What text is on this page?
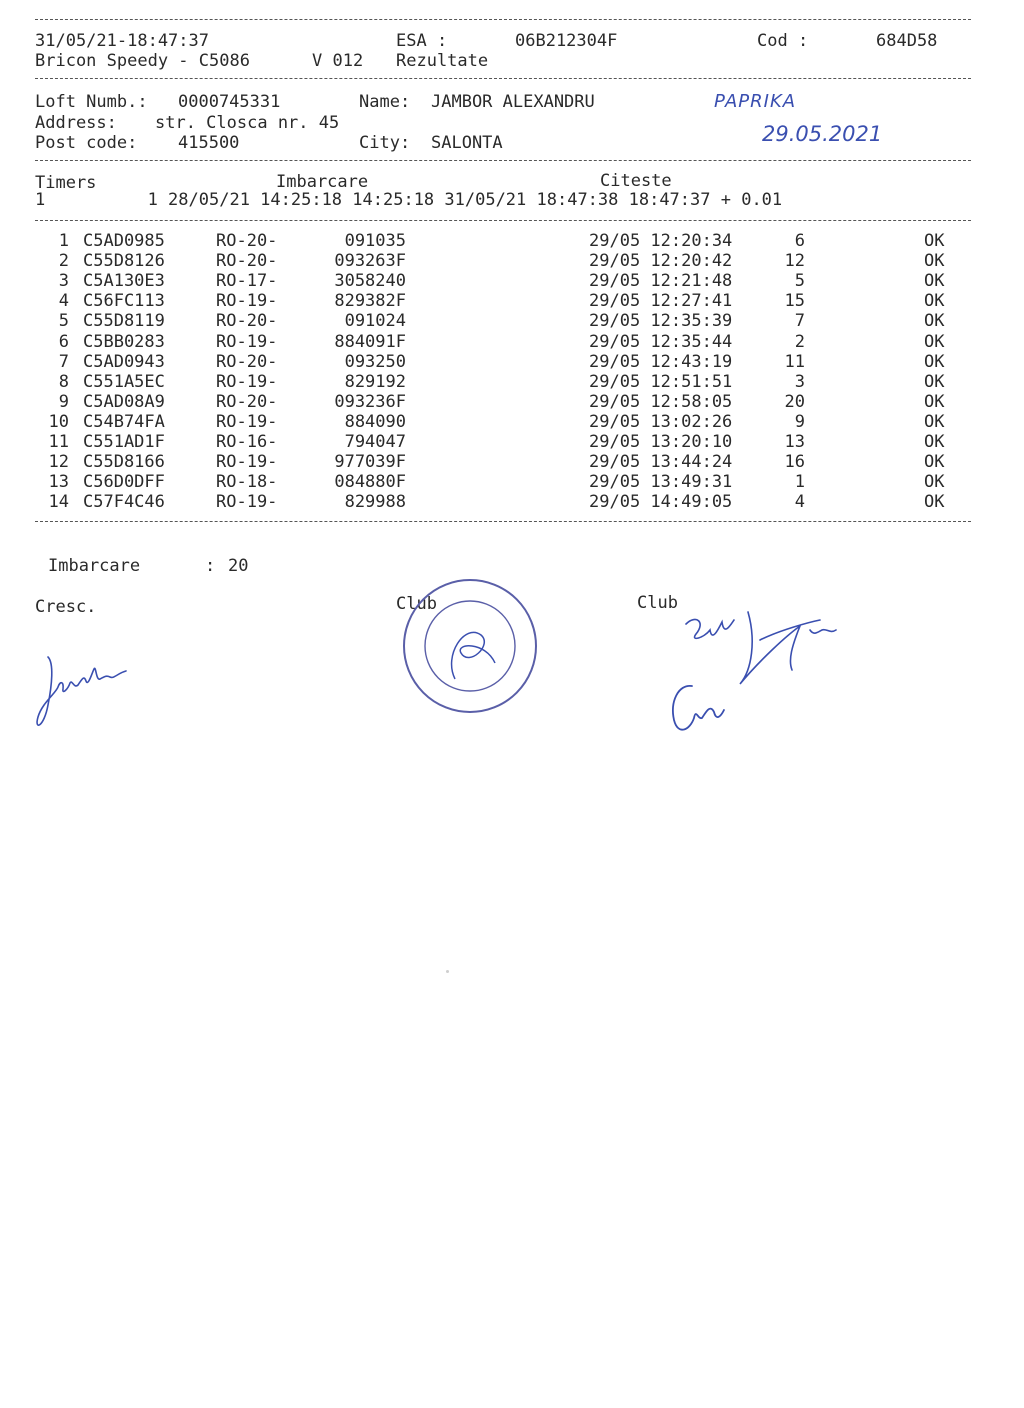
31/05/21-18:47:37	ESA :	06B212304F	Cod :	684D58
Bricon Speedy - C5086	V 012 Rezultate
Loft Numb.: 0000745331	Name: JAMBOR ALEXANDRU
Address: str. Closca nr. 45
Post code: 415500	City: SALONTA
PAPRIKA
29.05.2021
Timers	Imbarcare	Citeste
1          1 28/05/21 14:25:18 14:25:18 31/05/21 18:47:38 18:47:37 + 0.01
1 C5AD0985	RO-20-	091035	29/05 12:20:34	6	OK
2 C55D8126	RO-20-	093263F	29/05 12:20:42	12	OK
3 C5A130E3	RO-17-	3058240	29/05 12:21:48	5	OK
4 C56FC113	RO-19-	829382F	29/05 12:27:41	15	OK
5 C55D8119	RO-20-	091024	29/05 12:35:39	7	OK
6 C5BB0283	RO-19-	884091F	29/05 12:35:44	2	OK
7 C5AD0943	RO-20-	093250	29/05 12:43:19	11	OK
8 C551A5EC	RO-19-	829192	29/05 12:51:51	3	OK
9 C5AD08A9	RO-20-	093236F	29/05 12:58:05	20	OK
10 C54B74FA	RO-19-	884090	29/05 13:02:26	9	OK
11 C551AD1F	RO-16-	794047	29/05 13:20:10	13	OK
12 C55D8166	RO-19-	977039F	29/05 13:44:24	16	OK
13 C56D0DFF	RO-18-	084880F	29/05 13:49:31	1	OK
14 C57F4C46	RO-19-	829988	29/05 14:49:05	4	OK
Imbarcare	: 20
Cresc.	Club	Club
